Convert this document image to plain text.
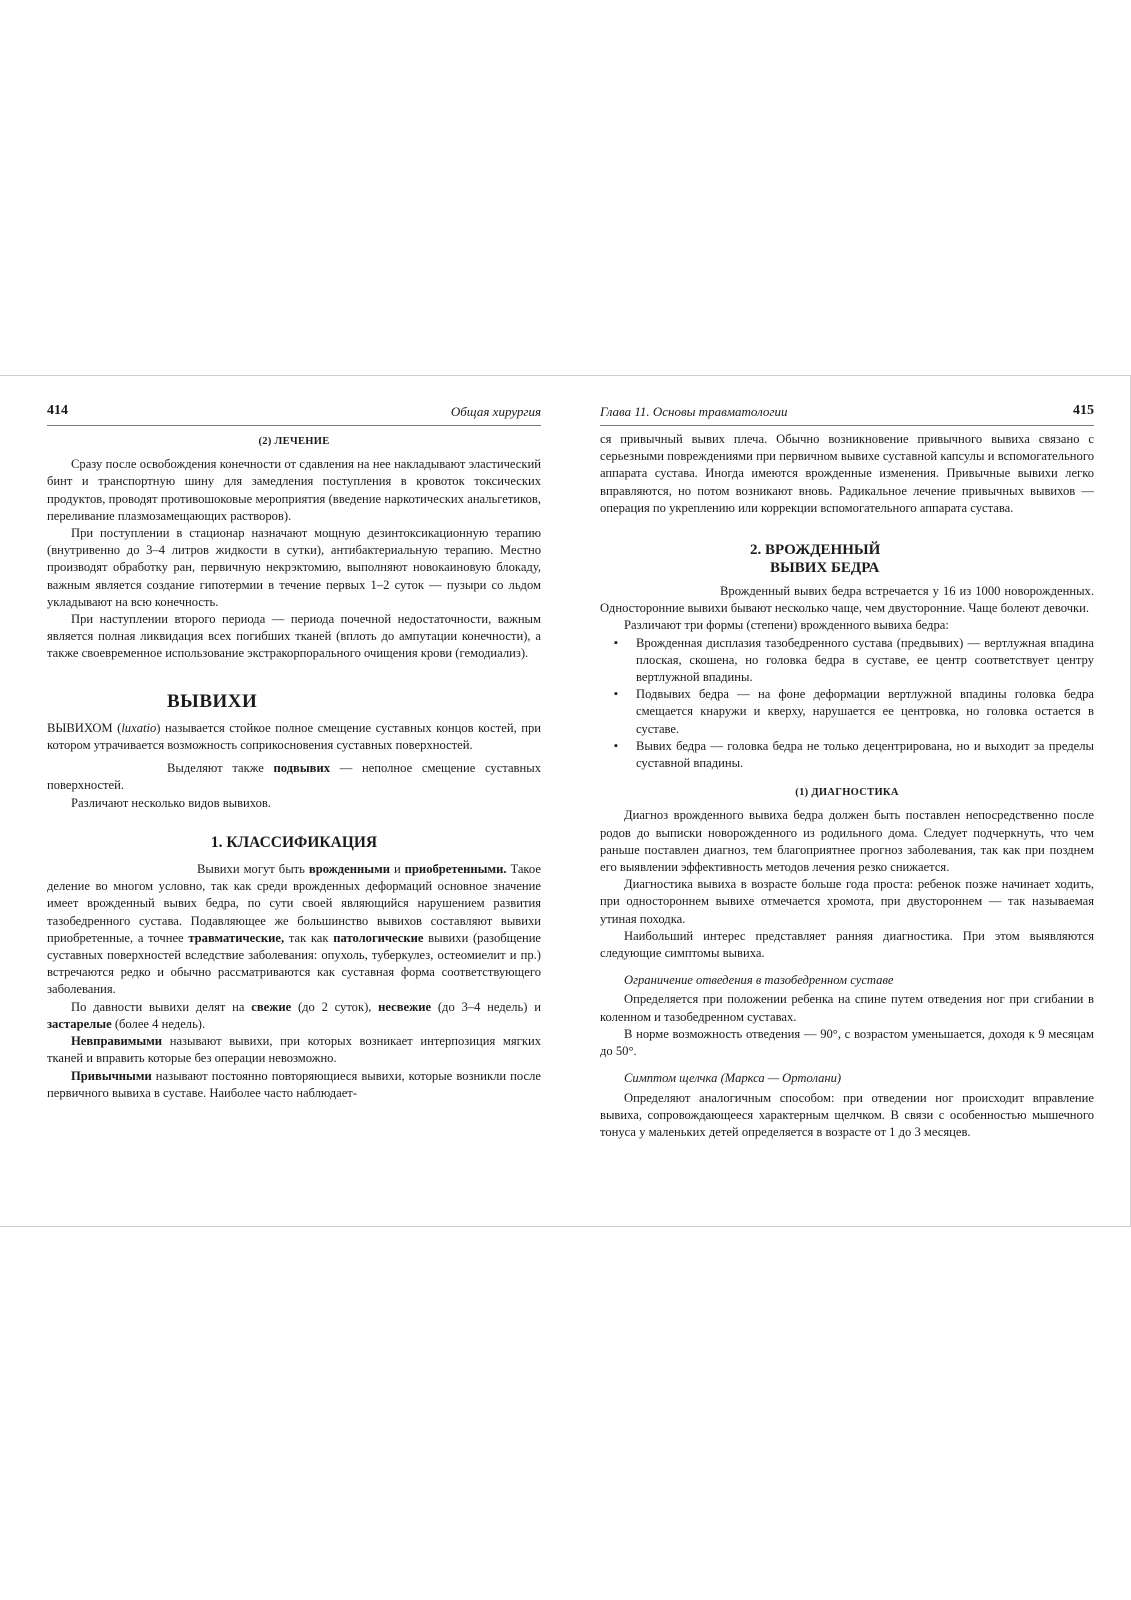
414	Общая хирургия
(2) ЛЕЧЕНИЕ

Сразу после освобождения конечности от сдавления на нее накладывают эластический бинт и транспортную шину для замедления поступления в кровоток токсических продуктов, проводят противошоковые мероприятия (введение наркотических анальгетиков, переливание плазмозамещающих растворов).

При поступлении в стационар назначают мощную дезинтоксикационную терапию (внутривенно до 3–4 литров жидкости в сутки), антибактериальную терапию. Местно производят обработку ран, первичную некрэктомию, выполняют новокаиновую блокаду, важным является создание гипотермии в течение первых 1–2 суток — пузыри со льдом укладывают на всю конечность.

При наступлении второго периода — периода почечной недостаточности, важным является полная ликвидация всех погибших тканей (вплоть до ампутации конечности), а также своевременное использование экстракорпорального очищения крови (гемодиализ).

ВЫВИХИ

ВЫВИХОМ (luxatio) называется стойкое полное смещение суставных концов костей, при котором утрачивается возможность соприкосновения суставных поверхностей.

Выделяют также подвывих — неполное смещение суставных поверхностей.

Различают несколько видов вывихов.

1. КЛАССИФИКАЦИЯ

Вывихи могут быть врожденными и приобретенными. Такое деление во многом условно, так как среди врожденных деформаций основное значение имеет врожденный вывих бедра, по сути своей являющийся нарушением развития тазобедренного сустава. Подавляющее же большинство вывихов составляют вывихи приобретенные, а точнее травматические, так как патологические вывихи (разобщение суставных поверхностей вследствие заболевания: опухоль, туберкулез, остеомиелит и пр.) встречаются редко и обычно рассматриваются как суставная форма соответствующего заболевания.

По давности вывихи делят на свежие (до 2 суток), несвежие (до 3–4 недель) и застарелые (более 4 недель).

Невправимыми называют вывихи, при которых возникает интерпозиция мягких тканей и вправить которые без операции невозможно.

Привычными называют постоянно повторяющиеся вывихи, которые возникли после первичного вывиха в суставе. Наиболее часто наблюдает-

Глава 11. Основы травматологии	415

ся привычный вывих плеча. Обычно возникновение привычного вывиха связано с серьезными повреждениями при первичном вывихе суставной капсулы и вспомогательного аппарата сустава. Иногда имеются врожденные изменения. Привычные вывихи легко вправляются, но потом возникают вновь. Радикальное лечение привычных вывихов — операция по укреплению или коррекции вспомогательного аппарата сустава.

2. ВРОЖДЕННЫЙ
ВЫВИХ БЕДРА

Врожденный вывих бедра встречается у 16 из 1000 новорожденных. Односторонние вывихи бывают несколько чаще, чем двусторонние. Чаще болеют девочки.

Различают три формы (степени) врожденного вывиха бедра:

▪ Врожденная дисплазия тазобедренного сустава (предвывих) — вертлужная впадина плоская, скошена, но головка бедра в суставе, ее центр соответствует центру вертлужной впадины.
▪ Подвывих бедра — на фоне деформации вертлужной впадины головка бедра смещается кнаружи и кверху, нарушается ее центровка, но головка остается в суставе.
▪ Вывих бедра — головка бедра не только децентрирована, но и выходит за пределы суставной впадины.
(1) ДИАГНОСТИКА

Диагноз врожденного вывиха бедра должен быть поставлен непосредственно после родов до выписки новорожденного из родильного дома. Следует подчеркнуть, что чем раньше поставлен диагноз, тем благоприятнее прогноз заболевания, так как при позднем его выявлении эффективность методов лечения резко снижается.

Диагностика вывиха в возрасте больше года проста: ребенок позже начинает ходить, при одностороннем вывихе отмечается хромота, при двустороннем — так называемая утиная походка.

Наибольший интерес представляет ранняя диагностика. При этом выявляются следующие симптомы вывиха.

Ограничение отведения в тазобедренном суставе

Определяется при положении ребенка на спине путем отведения ног при сгибании в коленном и тазобедренном суставах.

В норме возможность отведения — 90°, с возрастом уменьшается, доходя к 9 месяцам до 50°.

Симптом щелчка (Маркса — Ортолани)

Определяют аналогичным способом: при отведении ног происходит вправление вывиха, сопровождающееся характерным щелчком. В связи с особенностью мышечного тонуса у маленьких детей определяется в возрасте от 1 до 3 месяцев.
